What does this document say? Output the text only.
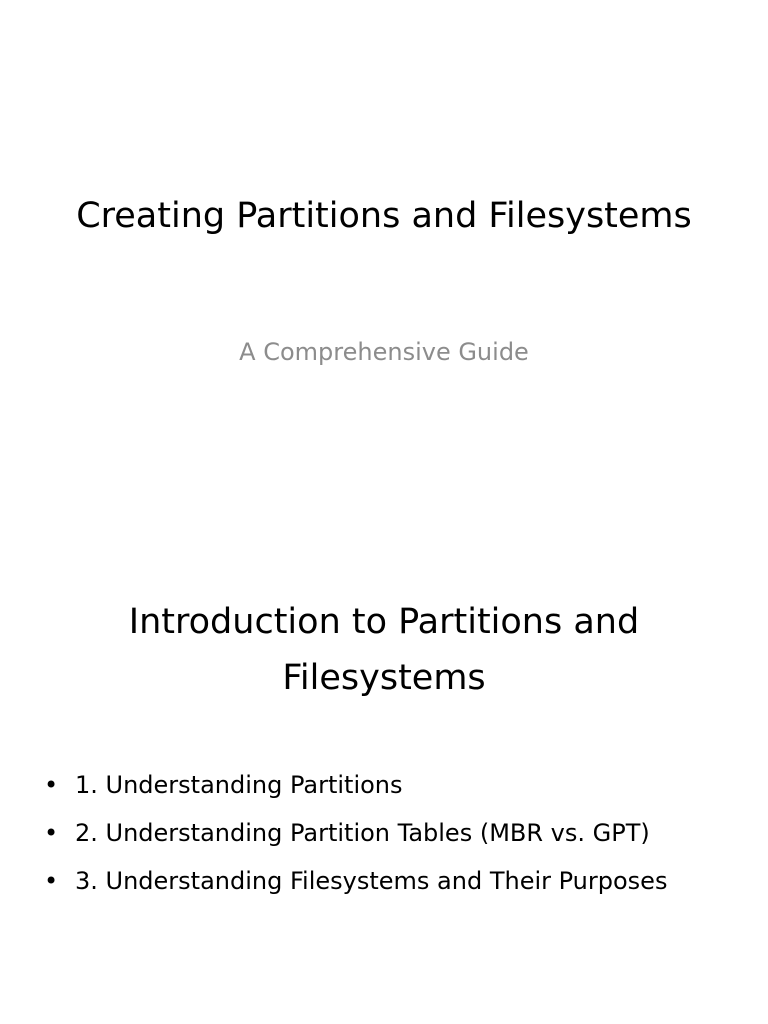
Creating Partitions and Filesystems

A Comprehensive Guide

Introduction to Partitions and Filesystems
• 1. Understanding Partitions
• 2. Understanding Partition Tables (MBR vs. GPT)
• 3. Understanding Filesystems and Their Purposes
